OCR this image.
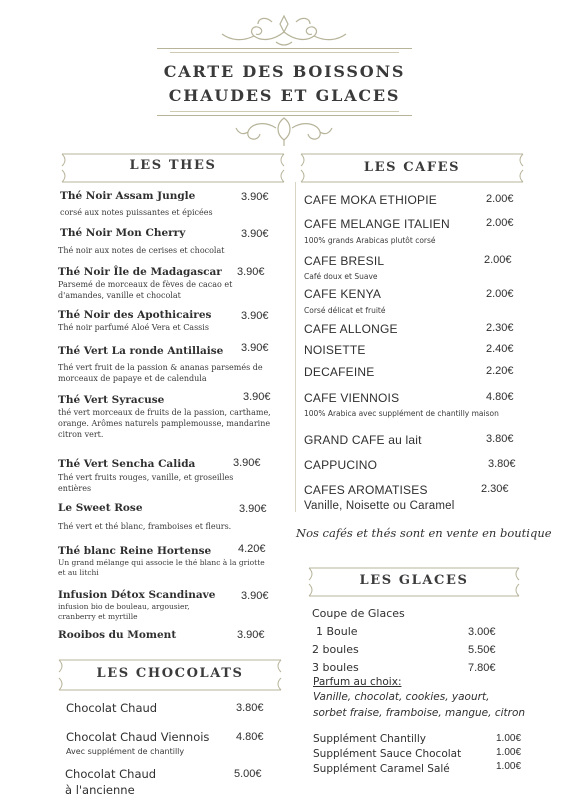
CARTE DES BOISSONS
CHAUDES ET GLACES
LES THES
Thé Noir Assam Jungle	3.90€
corsé aux notes puissantes et épicées
Thé Noir Mon Cherry	3.90€
Thé noir aux notes de cerises et chocolat
Thé Noir Île de Madagascar 3.90€
Parsemé de morceaux de fèves de cacao et d'amandes, vanille et chocolat
Thé Noir des Apothicaires	3.90€
Thé noir parfumé Aloé Vera et Cassis
Thé Vert La ronde Antillaise 3.90€
Thé vert fruit de la passion & ananas parsemés de morceaux de papaye et de calendula
Thé Vert Syracuse	3.90€
thé vert morceaux de fruits de la passion, carthame, orange. Arômes naturels pamplemousse, mandarine citron vert.
Thé Vert Sencha Calida	3.90€
Thé vert fruits rouges, vanille, et groseilles entières
Le Sweet Rose	3.90€
Thé vert et thé blanc, framboises et fleurs.
Thé blanc Reine Hortense 4.20€
Un grand mélange qui associe le thé blanc à la griotte et au litchi
Infusion Détox Scandinave 3.90€
infusion bio de bouleau, argousier, cranberry et myrtille
Rooibos du Moment	3.90€
LES CHOCOLATS
Chocolat Chaud	3.80€
Chocolat Chaud Viennois 4.80€
Avec supplément de chantilly
Chocolat Chaud
à l'ancienne
5.00€
LES CAFES
CAFE MOKA ETHIOPIE	2.00€
CAFE MELANGE ITALIEN	2.00€
100% grands Arabicas plutôt corsé
CAFE BRESIL	2.00€
Café doux et Suave
CAFE KENYA	2.00€
Corsé délicat et fruité
CAFE ALLONGE	2.30€
NOISETTE	2.40€
DECAFEINE	2.20€
CAFE VIENNOIS	4.80€
100% Arabica avec supplément de chantilly maison
GRAND CAFE au lait	3.80€
CAPPUCINO	3.80€
CAFES AROMATISES	2.30€
Vanille, Noisette ou Caramel
Nos cafés et thés sont en vente en boutique
LES GLACES
Coupe de Glaces
1 Boule	3.00€
2 boules	5.50€
3 boules	7.80€
Parfum au choix:
Vanille, chocolat, cookies, yaourt,
sorbet fraise, framboise, mangue, citron
Supplément Chantilly	1.00€
Supplément Sauce Chocolat	1.00€
Supplément Caramel Salé	1.00€
